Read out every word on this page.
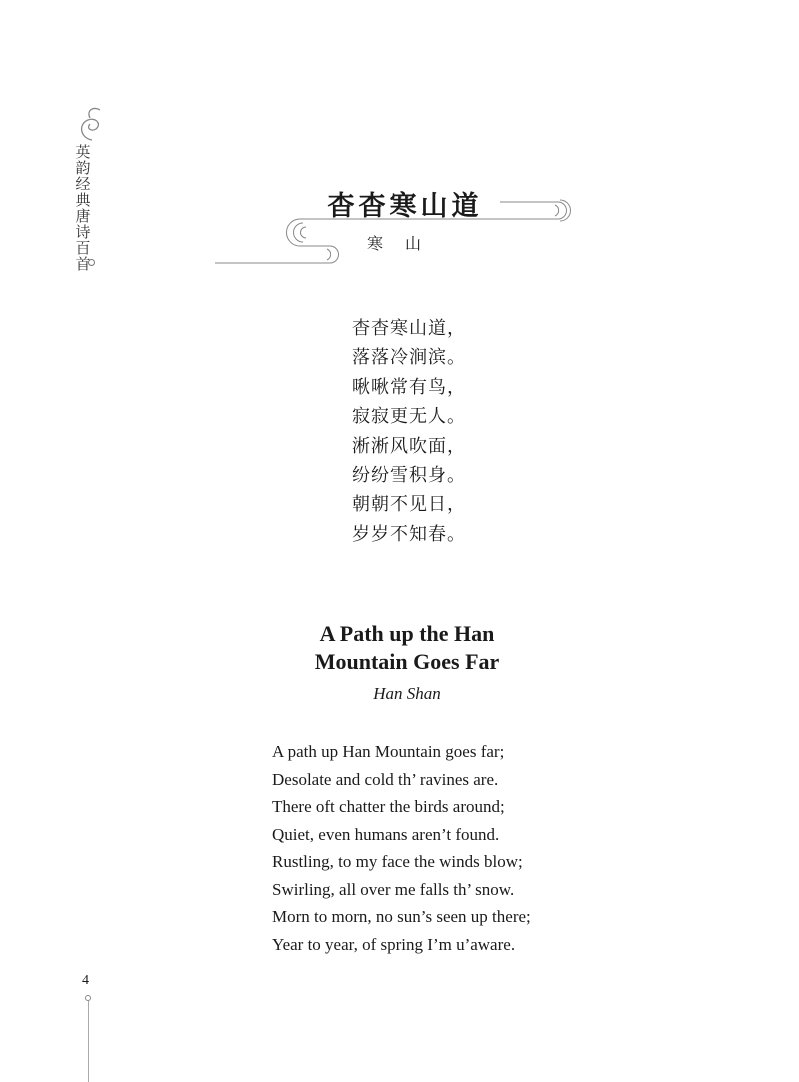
英韵经典唐诗百首
杳杳寒山道
寒山
杳杳寒山道，
落落冷涧滨。
啾啾常有鸟，
寂寂更无人。
淅淅风吹面，
纷纷雪积身。
朝朝不见日，
岁岁不知春。
A Path up the Han
Mountain Goes Far
Han Shan
A path up Han Mountain goes far;
Desolate and cold th’ ravines are.
There oft chatter the birds around;
Quiet, even humans aren’t found.
Rustling, to my face the winds blow;
Swirling, all over me falls th’ snow.
Morn to morn, no sun’s seen up there;
Year to year, of spring I’m u’aware.
4
